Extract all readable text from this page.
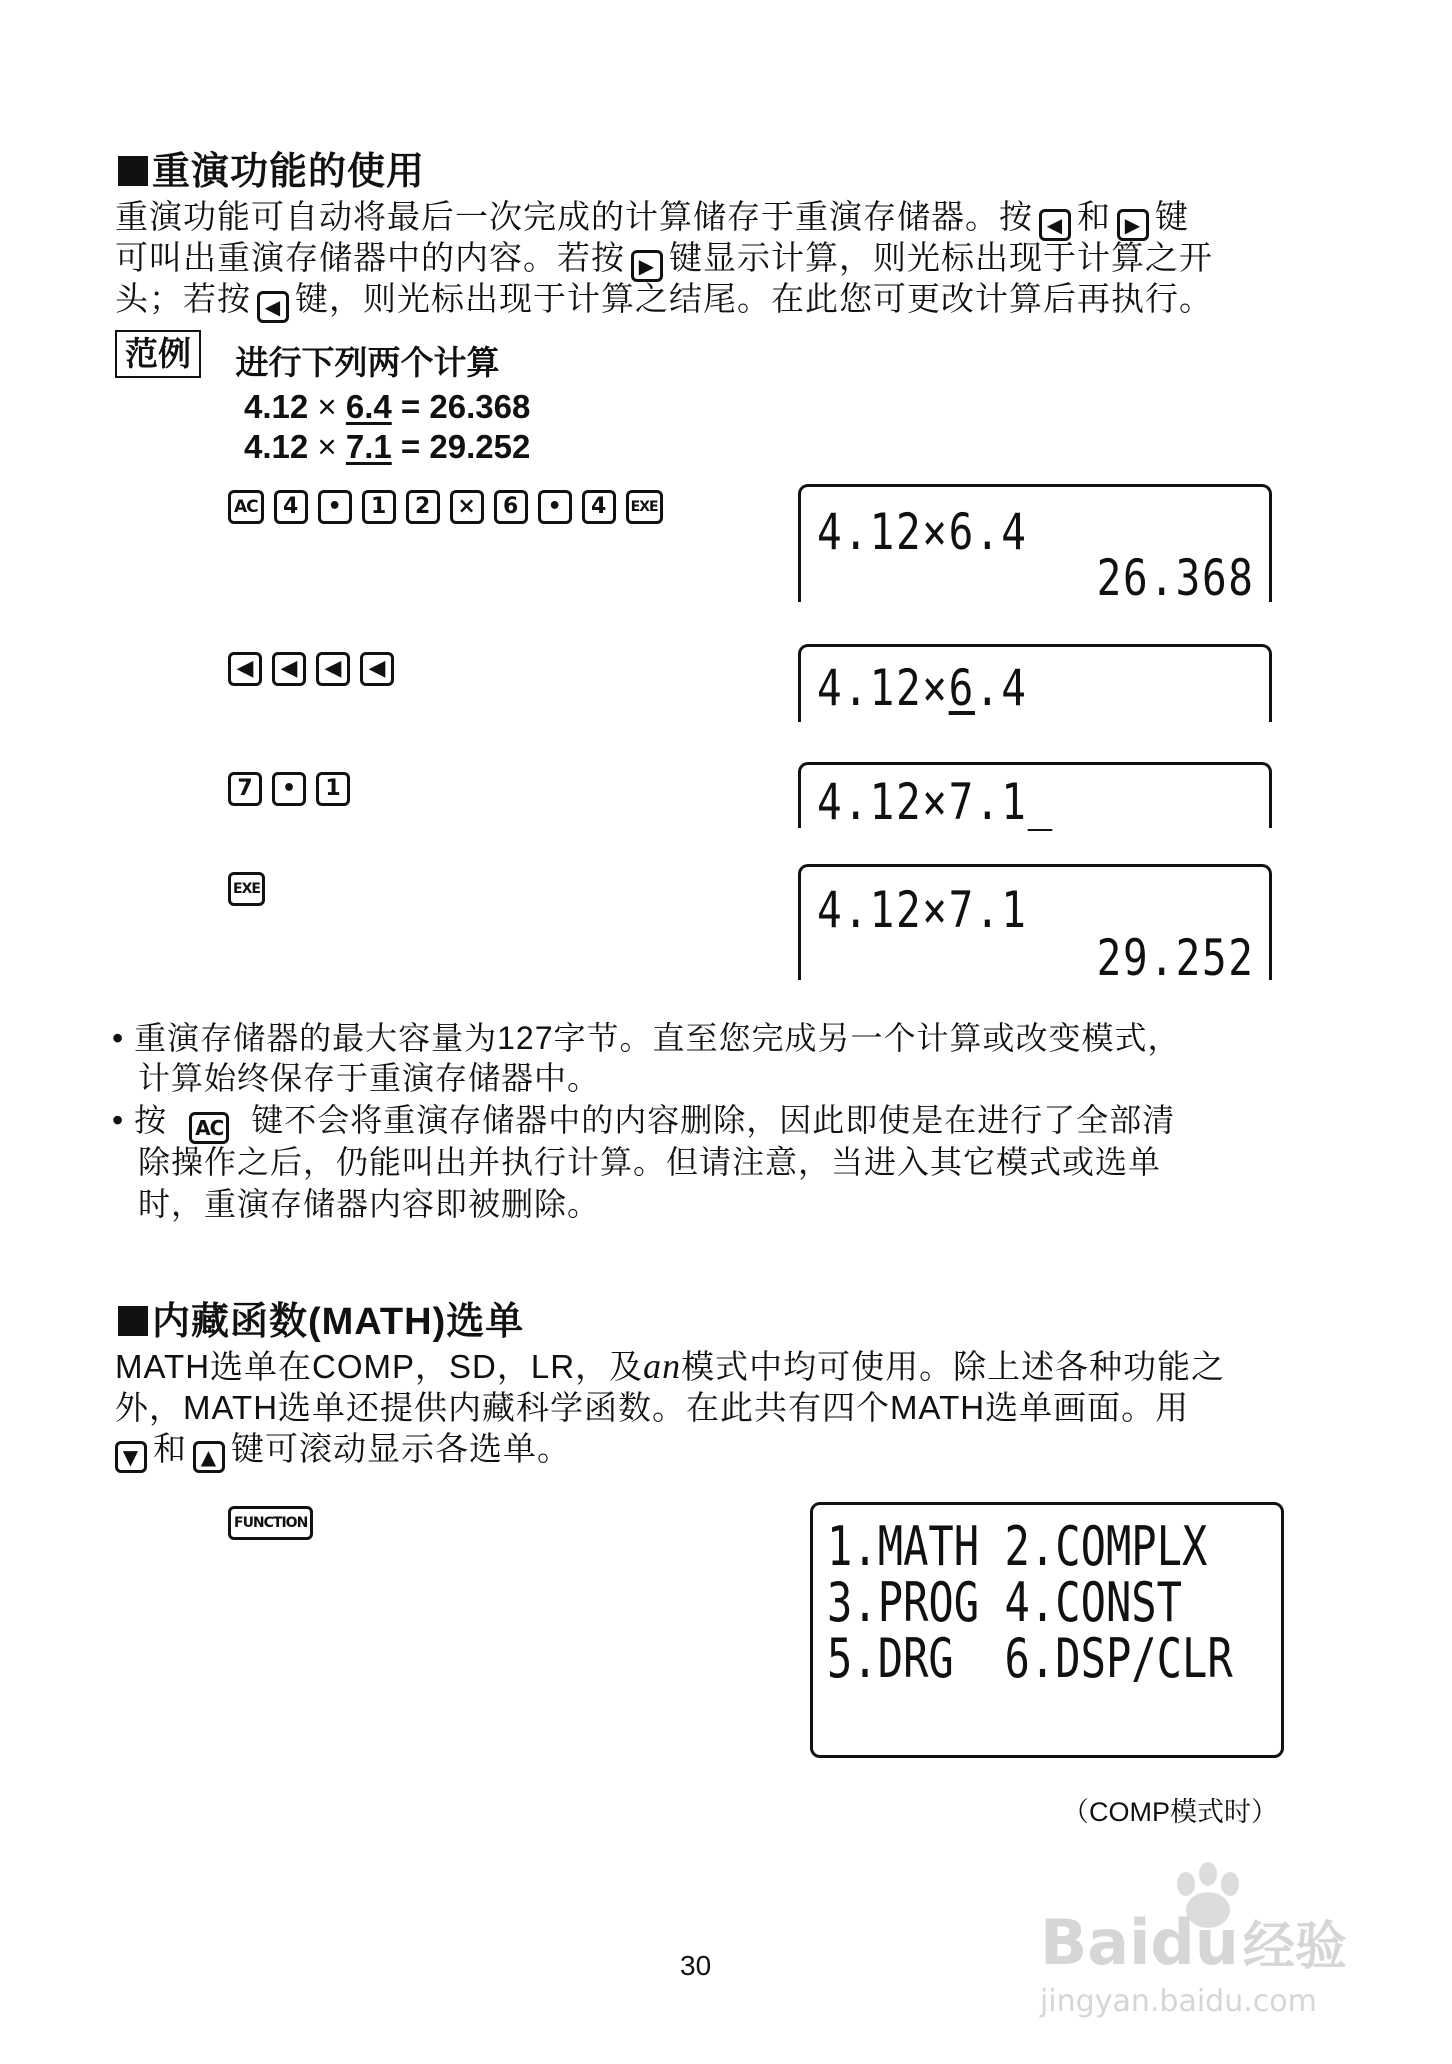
重演功能的使用
重演功能可自动将最后一次完成的计算储存于重演存储器。按 ◀ 和 ▶ 键
可叫出重演存储器中的内容。若按 ▶ 键显示计算，则光标出现于计算之开
头；若按 ◀ 键，则光标出现于计算之结尾。在此您可更改计算后再执行。
范例 进行下列两个计算
4.12 × 6.4 = 26.368
4.12 × 7.1 = 29.252
AC 4 • 1 2 × 6 • 4 EXE	4.12×6.4
26.368
◀ ◀ ◀ ◀	4.12×6.4
7 • 1	4.12×7.1_
EXE	4.12×7.1
29.252
• 重演存储器的最大容量为127字节。直至您完成另一个计算或改变模式，
计算始终保存于重演存储器中。
• 按 AC 键不会将重演存储器中的内容删除，因此即使是在进行了全部清
除操作之后，仍能叫出并执行计算。但请注意，当进入其它模式或选单
时，重演存储器内容即被删除。
内藏函数(MATH)选单
MATH选单在COMP，SD，LR，及an模式中均可使用。除上述各种功能之
外，MATH选单还提供内藏科学函数。在此共有四个MATH选单画面。用
▼ 和 ▲ 键可滚动显示各选单。
FUNCTION	1.MATH 2.COMPLX
3.PROG 4.CONST
5.DRG  6.DSP/CLR
（COMP模式时）
Baidu经验
jingyan.baidu.com
30
